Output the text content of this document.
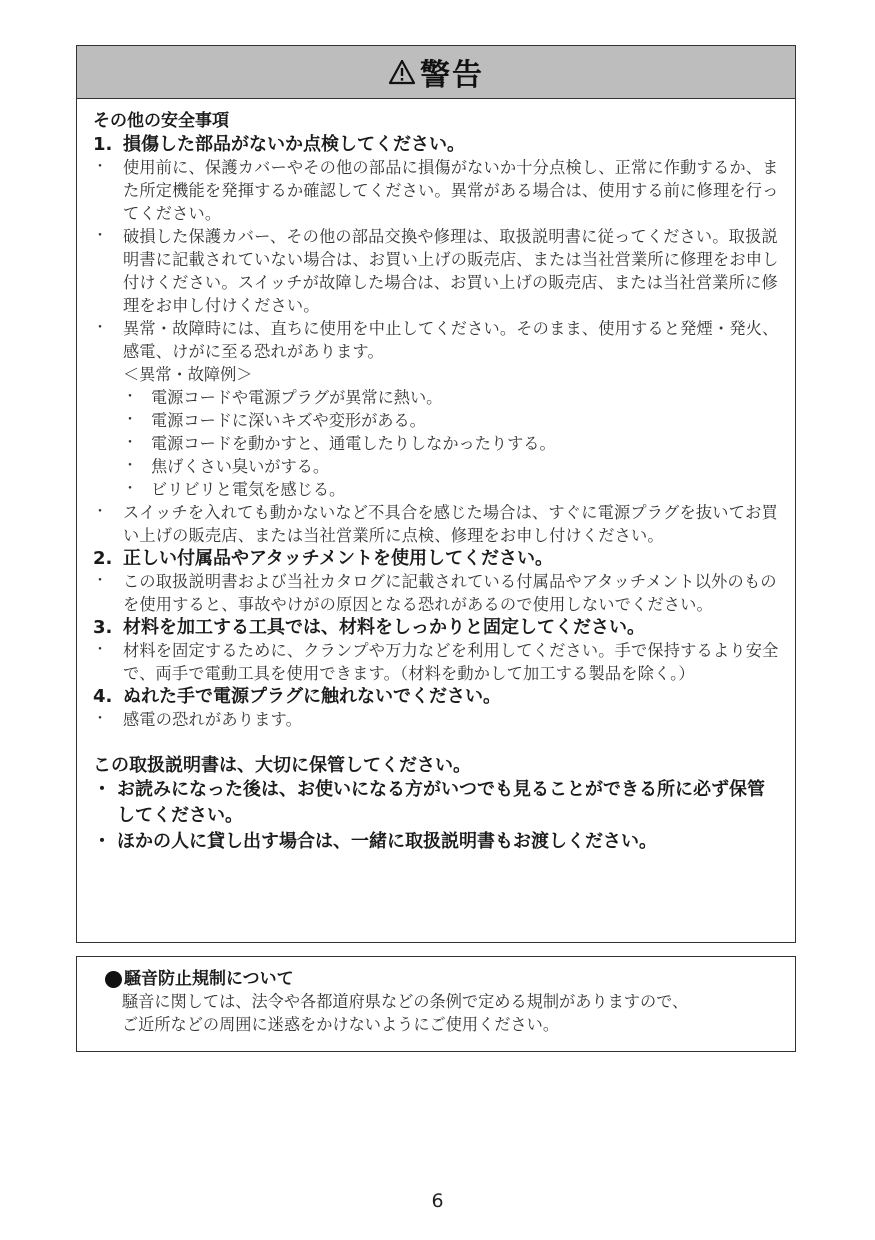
警告
その他の安全事項
1. 損傷した部品がないか点検してください。
・ 使用前に、保護カバーやその他の部品に損傷がないか十分点検し、正常に作動するか、また所定機能を発揮するか確認してください。異常がある場合は、使用する前に修理を行ってください。
・ 破損した保護カバー、その他の部品交換や修理は、取扱説明書に従ってください。取扱説明書に記載されていない場合は、お買い上げの販売店、または当社営業所に修理をお申し付けください。スイッチが故障した場合は、お買い上げの販売店、または当社営業所に修理をお申し付けください。
・ 異常・故障時には、直ちに使用を中止してください。そのまま、使用すると発煙・発火、感電、けがに至る恐れがあります。
＜異常・故障例＞
・ 電源コードや電源プラグが異常に熱い。
・ 電源コードに深いキズや変形がある。
・ 電源コードを動かすと、通電したりしなかったりする。
・ 焦げくさい臭いがする。
・ ビリビリと電気を感じる。
・ スイッチを入れても動かないなど不具合を感じた場合は、すぐに電源プラグを抜いてお買い上げの販売店、または当社営業所に点検、修理をお申し付けください。
2. 正しい付属品やアタッチメントを使用してください。
・ この取扱説明書および当社カタログに記載されている付属品やアタッチメント以外のものを使用すると、事故やけがの原因となる恐れがあるので使用しないでください。
3. 材料を加工する工具では、材料をしっかりと固定してください。
・ 材料を固定するために、クランプや万力などを利用してください。手で保持するより安全で、両手で電動工具を使用できます。（材料を動かして加工する製品を除く。）
4. ぬれた手で電源プラグに触れないでください。
・ 感電の恐れがあります。
この取扱説明書は、大切に保管してください。
・ お読みになった後は、お使いになる方がいつでも見ることができる所に必ず保管してください。
・ ほかの人に貸し出す場合は、一緒に取扱説明書もお渡しください。
騒音防止規制について
騒音に関しては、法令や各都道府県などの条例で定める規制がありますので、
ご近所などの周囲に迷惑をかけないようにご使用ください。
6
